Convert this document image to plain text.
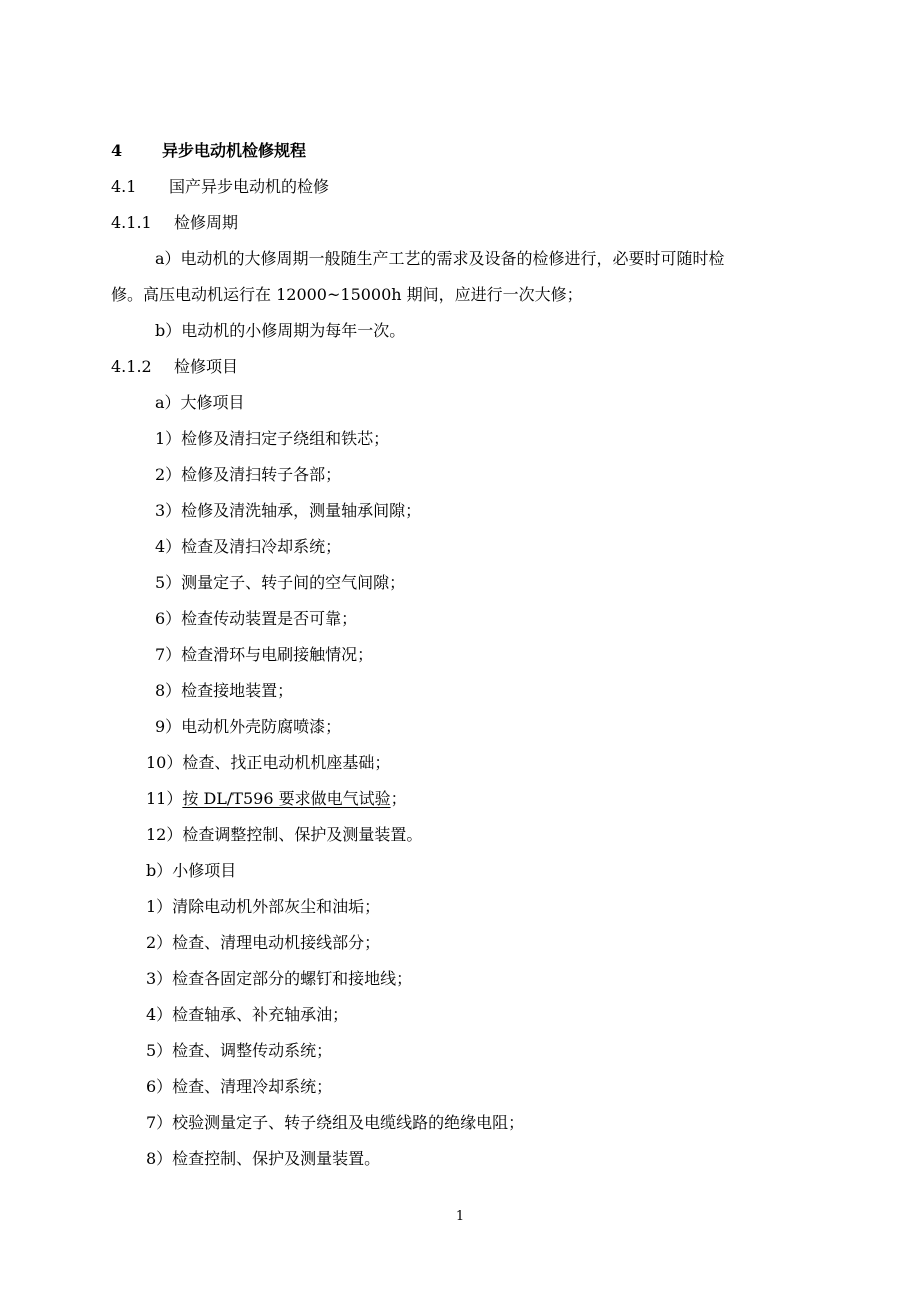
4 异步电动机检修规程
4.1 国产异步电动机的检修
4.1.1 检修周期
a）电动机的大修周期一般随生产工艺的需求及设备的检修进行，必要时可随时检
修。高压电动机运行在 12000~15000h 期间，应进行一次大修；
b）电动机的小修周期为每年一次。
4.1.2 检修项目
a）大修项目
1）检修及清扫定子绕组和铁芯；
2）检修及清扫转子各部；
3）检修及清洗轴承，测量轴承间隙；
4）检查及清扫冷却系统；
5）测量定子、转子间的空气间隙；
6）检查传动装置是否可靠；
7）检查滑环与电刷接触情况；
8）检查接地装置；
9）电动机外壳防腐喷漆；
10）检查、找正电动机机座基础；
11）按 DL/T596 要求做电气试验；
12）检查调整控制、保护及测量装置。
b）小修项目
1）清除电动机外部灰尘和油垢；
2）检查、清理电动机接线部分；
3）检查各固定部分的螺钉和接地线；
4）检查轴承、补充轴承油；
5）检查、调整传动系统；
6）检查、清理冷却系统；
7）校验测量定子、转子绕组及电缆线路的绝缘电阻；
8）检查控制、保护及测量装置。
1
